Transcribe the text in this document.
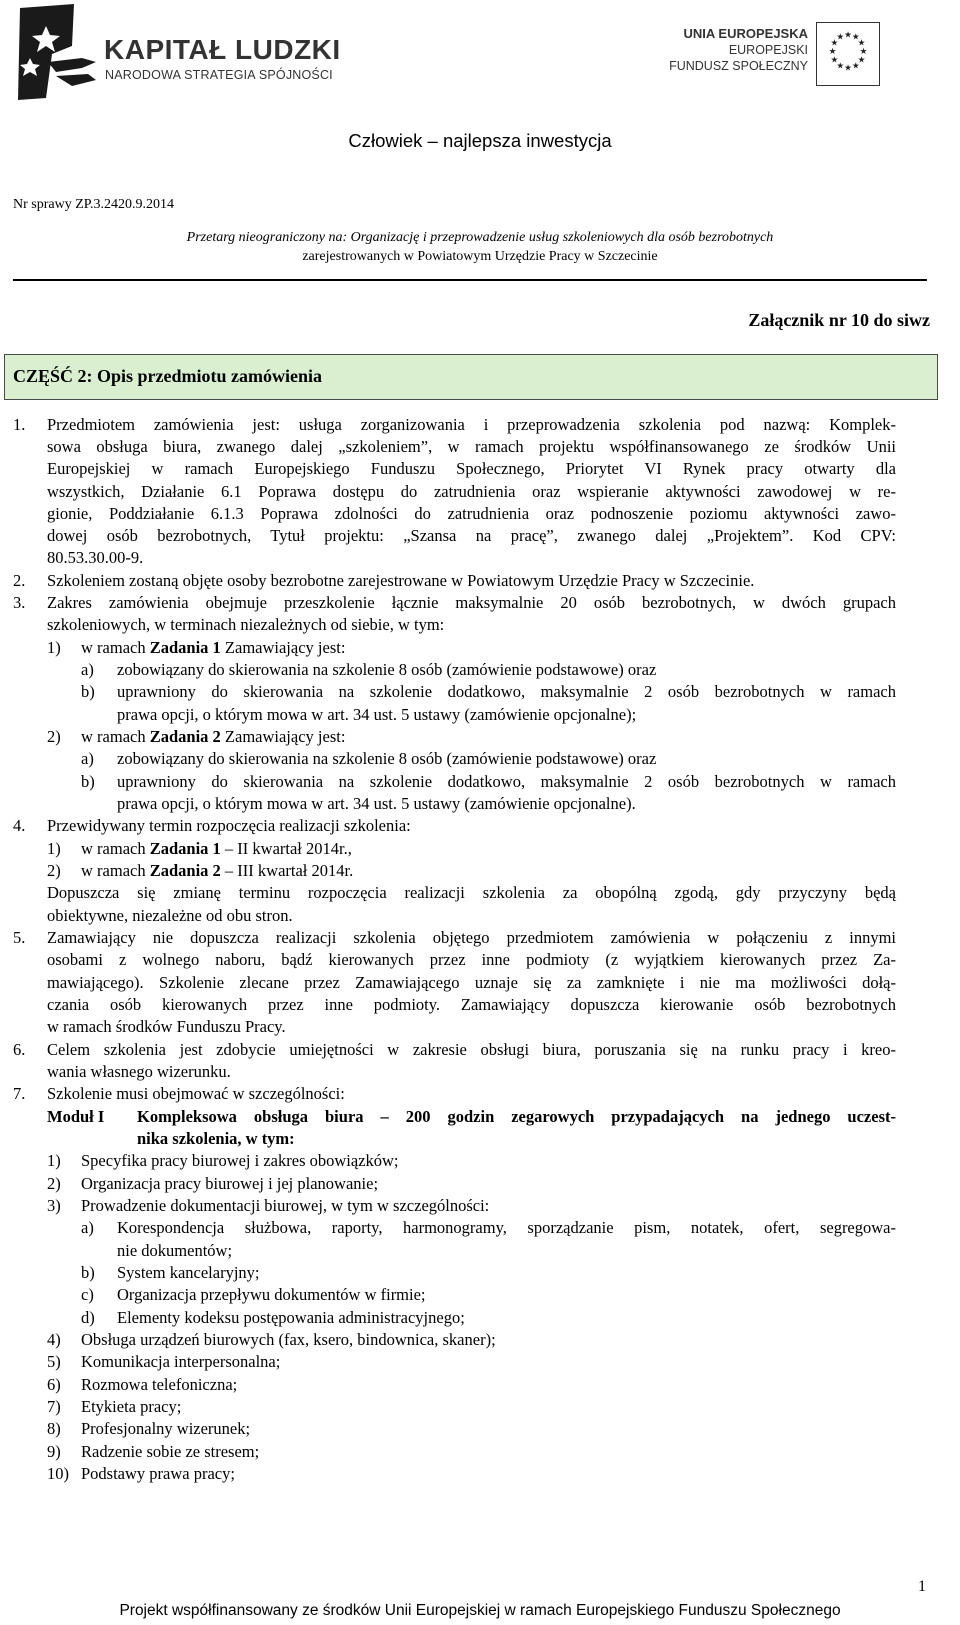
KAPITAŁ LUDZKI
NARODOWA STRATEGIA SPÓJNOŚCI
UNIA EUROPEJSKA
EUROPEJSKI
FUNDUSZ SPOŁECZNY
★ ★
★
★
★
★
★
★
★
★
★
★
Człowiek – najlepsza inwestycja
Nr sprawy ZP.3.2420.9.2014
Przetarg nieograniczony na: Organizację i przeprowadzenie usług szkoleniowych dla osób bezrobotnych
zarejestrowanych w Powiatowym Urzędzie Pracy w Szczecinie
Załącznik nr 10 do siwz
CZĘŚĆ 2: Opis przedmiotu zamówienia
1. Przedmiotem zamówienia jest: usługa zorganizowania i przeprowadzenia szkolenia pod nazwą: Komplek-
sowa obsługa biura, zwanego dalej „szkoleniem”, w ramach projektu współfinansowanego ze środków Unii
Europejskiej w ramach Europejskiego Funduszu Społecznego, Priorytet VI Rynek pracy otwarty dla
wszystkich, Działanie 6.1 Poprawa dostępu do zatrudnienia oraz wspieranie aktywności zawodowej w re-
gionie, Poddziałanie 6.1.3 Poprawa zdolności do zatrudnienia oraz podnoszenie poziomu aktywności zawo-
dowej osób bezrobotnych, Tytuł projektu: „Szansa na pracę”, zwanego dalej „Projektem”. Kod CPV:
80.53.30.00-9.
2. Szkoleniem zostaną objęte osoby bezrobotne zarejestrowane w Powiatowym Urzędzie Pracy w Szczecinie.
3. Zakres zamówienia obejmuje przeszkolenie łącznie maksymalnie 20 osób bezrobotnych, w dwóch grupach
szkoleniowych, w terminach niezależnych od siebie, w tym:
1) w ramach Zadania 1 Zamawiający jest:
a) zobowiązany do skierowania na szkolenie 8 osób (zamówienie podstawowe) oraz
b) uprawniony do skierowania na szkolenie dodatkowo, maksymalnie 2 osób bezrobotnych w ramach
prawa opcji, o którym mowa w art. 34 ust. 5 ustawy (zamówienie opcjonalne);
2) w ramach Zadania 2 Zamawiający jest:
a) zobowiązany do skierowania na szkolenie 8 osób (zamówienie podstawowe) oraz
b) uprawniony do skierowania na szkolenie dodatkowo, maksymalnie 2 osób bezrobotnych w ramach
prawa opcji, o którym mowa w art. 34 ust. 5 ustawy (zamówienie opcjonalne).
4. Przewidywany termin rozpoczęcia realizacji szkolenia:
1) w ramach Zadania 1 – II kwartał 2014r.,
2) w ramach Zadania 2 – III kwartał 2014r.
Dopuszcza się zmianę terminu rozpoczęcia realizacji szkolenia za obopólną zgodą, gdy przyczyny będą
obiektywne, niezależne od obu stron.
5. Zamawiający nie dopuszcza realizacji szkolenia objętego przedmiotem zamówienia w połączeniu z innymi
osobami z wolnego naboru, bądź kierowanych przez inne podmioty (z wyjątkiem kierowanych przez Za-
mawiającego). Szkolenie zlecane przez Zamawiającego uznaje się za zamknięte i nie ma możliwości dołą-
czania osób kierowanych przez inne podmioty. Zamawiający dopuszcza kierowanie osób bezrobotnych
w ramach środków Funduszu Pracy.
6. Celem szkolenia jest zdobycie umiejętności w zakresie obsługi biura, poruszania się na runku pracy i kreo-
wania własnego wizerunku.
7. Szkolenie musi obejmować w szczególności:
Moduł I Kompleksowa obsługa biura – 200 godzin zegarowych przypadających na jednego uczest-
nika szkolenia, w tym:
1) Specyfika pracy biurowej i zakres obowiązków;
2) Organizacja pracy biurowej i jej planowanie;
3) Prowadzenie dokumentacji biurowej, w tym w szczególności:
a) Korespondencja służbowa, raporty, harmonogramy, sporządzanie pism, notatek, ofert, segregowa-
nie dokumentów;
b) System kancelaryjny;
c) Organizacja przepływu dokumentów w firmie;
d) Elementy kodeksu postępowania administracyjnego;
4) Obsługa urządzeń biurowych (fax, ksero, bindownica, skaner);
5) Komunikacja interpersonalna;
6) Rozmowa telefoniczna;
7) Etykieta pracy;
8) Profesjonalny wizerunek;
9) Radzenie sobie ze stresem;
10) Podstawy prawa pracy;
1
Projekt współfinansowany ze środków Unii Europejskiej w ramach Europejskiego Funduszu Społecznego
